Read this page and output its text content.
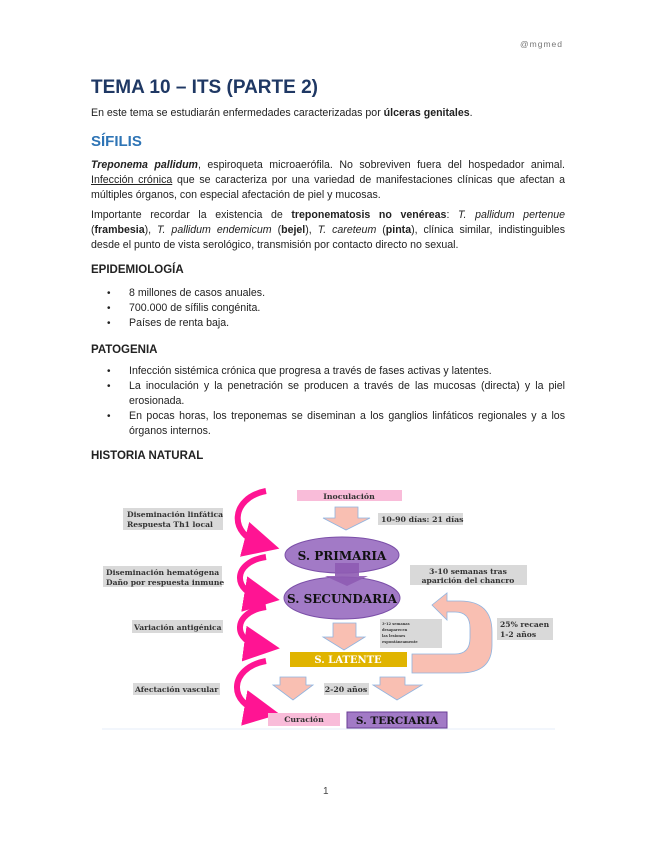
@mgmed
TEMA 10 – ITS (PARTE 2)
En este tema se estudiarán enfermedades caracterizadas por úlceras genitales.
SÍFILIS
Treponema pallidum, espiroqueta microaerófila. No sobreviven fuera del hospedador animal. Infección crónica que se caracteriza por una variedad de manifestaciones clínicas que afectan a múltiples órganos, con especial afectación de piel y mucosas.
Importante recordar la existencia de treponematosis no venéreas: T. pallidum pertenue (frambesia), T. pallidum endemicum (bejel), T. careteum (pinta), clínica similar, indistinguibles desde el punto de vista serológico, transmisión por contacto directo no sexual.
EPIDEMIOLOGÍA
• 8 millones de casos anuales.
• 700.000 de sífilis congénita.
• Países de renta baja.
PATOGENIA
• Infección sistémica crónica que progresa a través de fases activas y latentes.
• La inoculación y la penetración se producen a través de las mucosas (directa) y la piel erosionada.
• En pocas horas, los treponemas se diseminan a los ganglios linfáticos regionales y a los órganos internos.
HISTORIA NATURAL
Diseminación linfática
Respuesta Th1 local
Diseminación hematógena
Daño por respuesta inmune
Variación antigénica
Afectación vascular
Inoculación
10-90 días: 21 días
S. PRIMARIA
S. SECUNDARIA
3-10 semanas tras
aparición del chancro
25% recaen
1-2 años
3-12 semanas
desaparecen
las lesiones
espontáneamente
S. LATENTE
2-20 años
Curación	S. TERCIARIA
1
